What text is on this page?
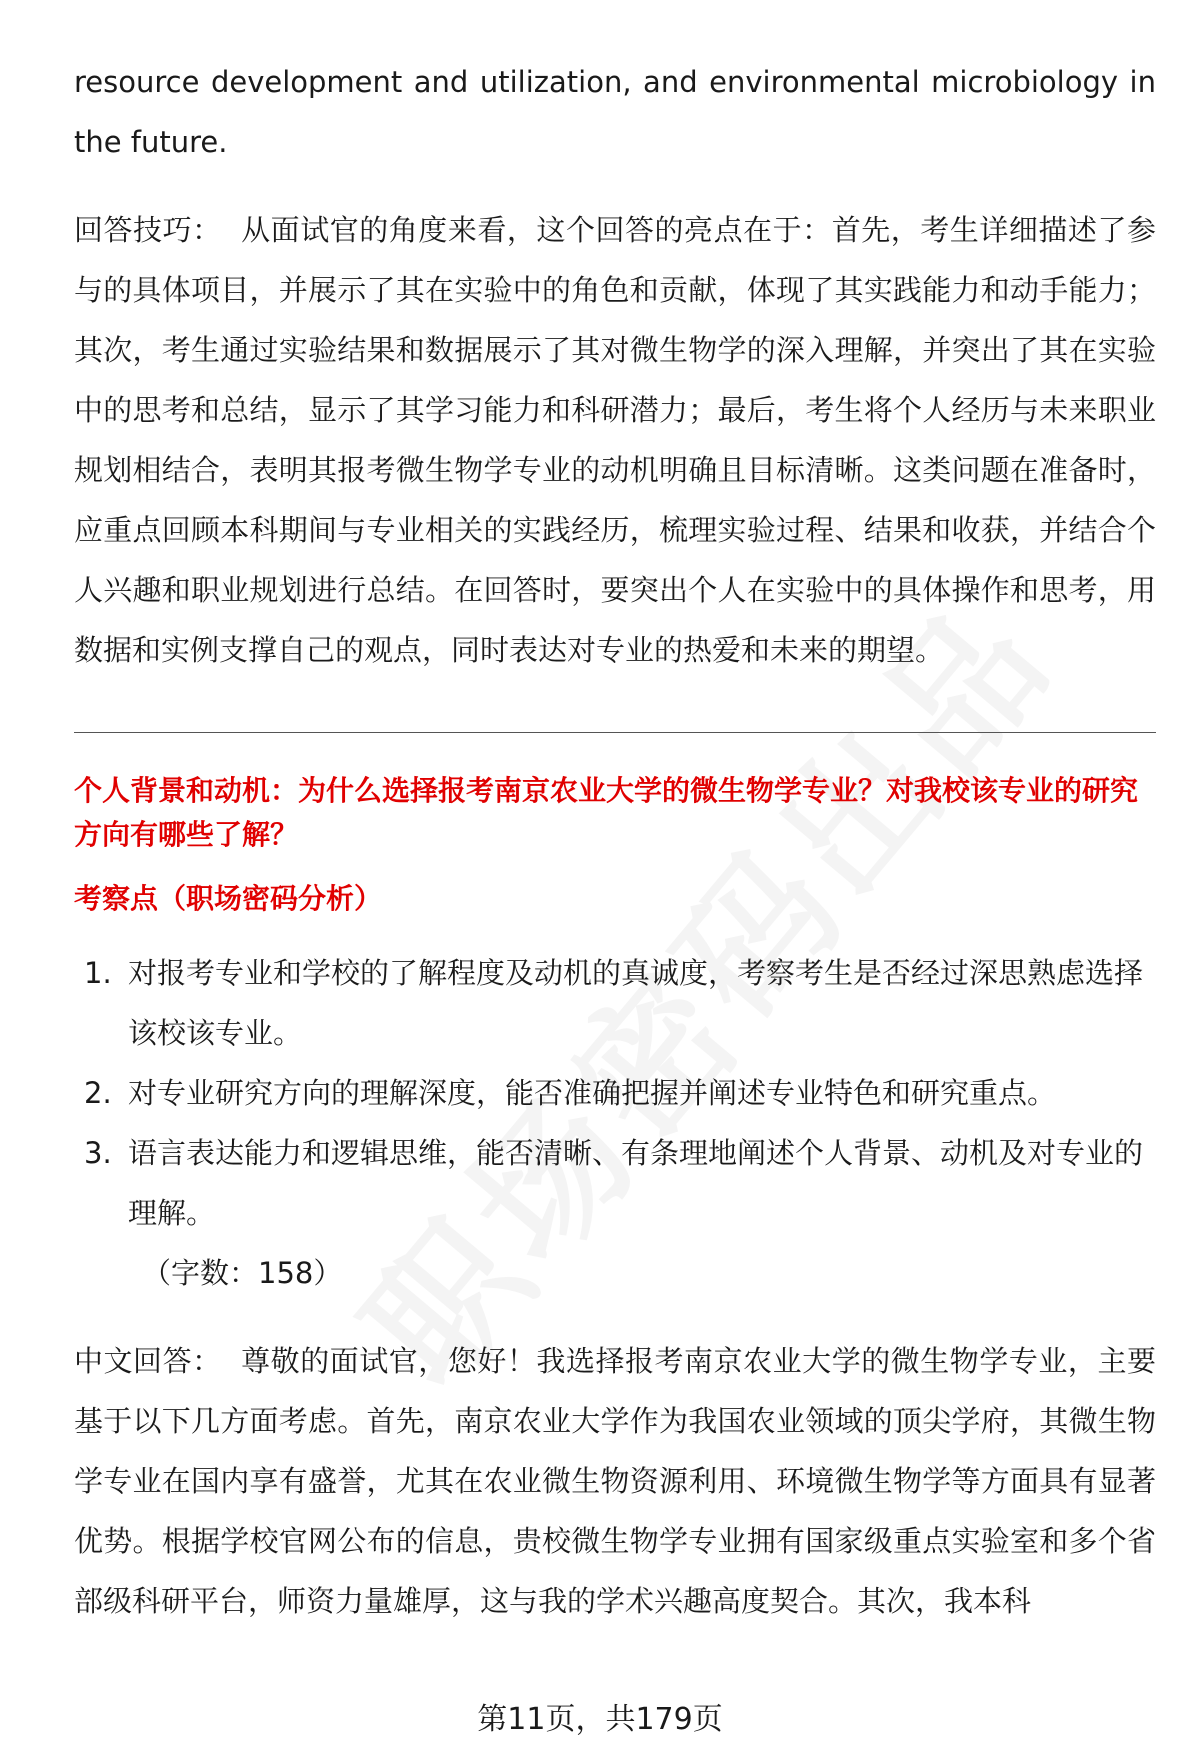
resource development and utilization, and environmental microbiology in the future.

回答技巧： 从面试官的角度来看，这个回答的亮点在于：首先，考生详细描述了参与的具体项目，并展示了其在实验中的角色和贡献，体现了其实践能力和动手能力；其次，考生通过实验结果和数据展示了其对微生物学的深入理解，并突出了其在实验中的思考和总结，显示了其学习能力和科研潜力；最后，考生将个人经历与未来职业规划相结合，表明其报考微生物学专业的动机明确且目标清晰。这类问题在准备时，应重点回顾本科期间与专业相关的实践经历，梳理实验过程、结果和收获，并结合个人兴趣和职业规划进行总结。在回答时，要突出个人在实验中的具体操作和思考，用数据和实例支撑自己的观点，同时表达对专业的热爱和未来的期望。

个人背景和动机：为什么选择报考南京农业大学的微生物学专业？对我校该专业的研究方向有哪些了解？

考察点（职场密码分析）

1. 对报考专业和学校的了解程度及动机的真诚度，考察考生是否经过深思熟虑选择该校该专业。
2. 对专业研究方向的理解深度，能否准确把握并阐述专业特色和研究重点。
3. 语言表达能力和逻辑思维，能否清晰、有条理地阐述个人背景、动机及对专业的理解。

（字数：158）

中文回答： 尊敬的面试官，您好！我选择报考南京农业大学的微生物学专业，主要基于以下几方面考虑。首先，南京农业大学作为我国农业领域的顶尖学府，其微生物学专业在国内享有盛誉，尤其在农业微生物资源利用、环境微生物学等方面具有显著优势。根据学校官网公布的信息，贵校微生物学专业拥有国家级重点实验室和多个省部级科研平台，师资力量雄厚，这与我的学术兴趣高度契合。其次，我本科

第11页，共179页
